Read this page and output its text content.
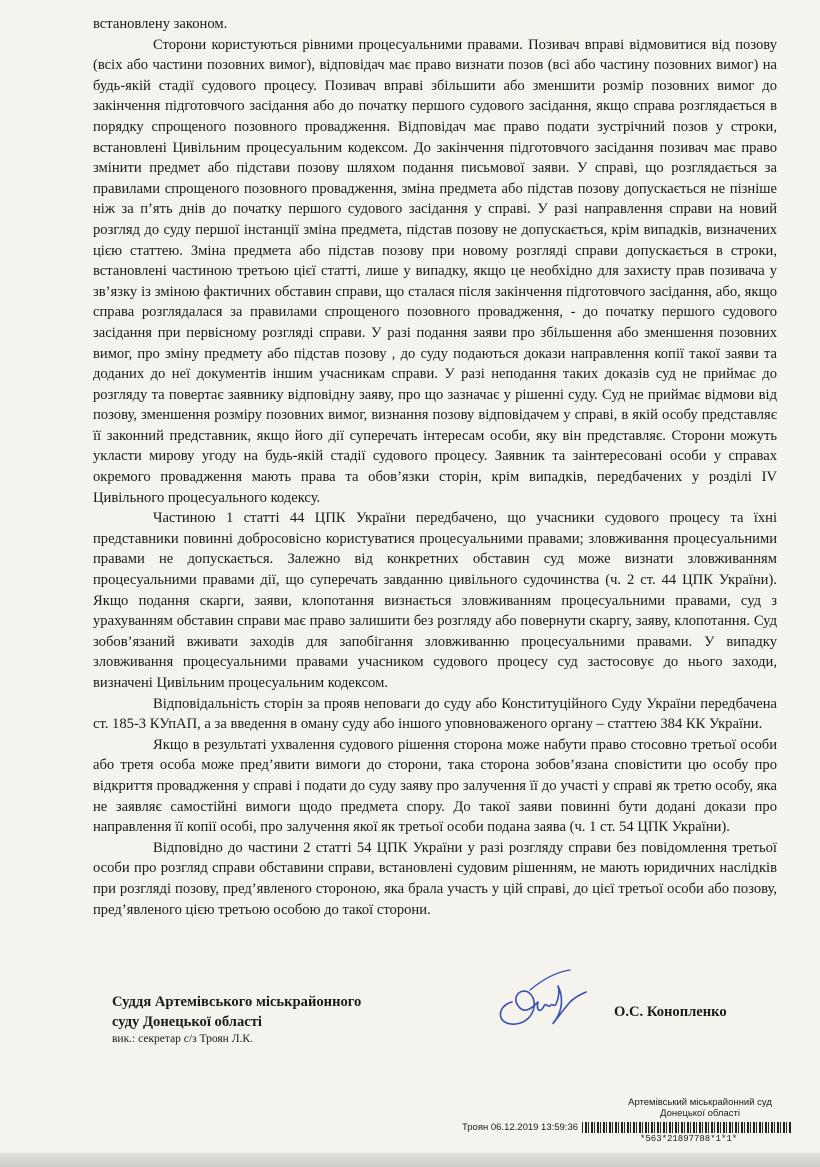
встановлену законом.

Сторони користуються рівними процесуальними правами. Позивач вправі відмовитися від позову (всіх або частини позовних вимог), відповідач має право визнати позов (всі або частину позовних вимог) на будь-якій стадії судового процесу. Позивач вправі збільшити або зменшити розмір позовних вимог до закінчення підготовчого засідання або до початку першого судового засідання, якщо справа розглядається в порядку спрощеного позовного провадження. Відповідач має право подати зустрічний позов у строки, встановлені Цивільним процесуальним кодексом. До закінчення підготовчого засідання позивач має право змінити предмет або підстави позову шляхом подання письмової заяви. У справі, що розглядається за правилами спрощеного позовного провадження, зміна предмета або підстав позову допускається не пізніше ніж за п’ять днів до початку першого судового засідання у справі. У разі направлення справи на новий розгляд до суду першої інстанції зміна предмета, підстав позову не допускається, крім випадків, визначених цією статтею. Зміна предмета або підстав позову при новому розгляді справи допускається в строки, встановлені частиною третьою цієї статті, лише у випадку, якщо це необхідно для захисту прав позивача у зв’язку із зміною фактичних обставин справи, що сталася після закінчення підготовчого засідання, або, якщо справа розглядалася за правилами спрощеного позовного провадження, - до початку першого судового засідання при первісному розгляді справи. У разі подання заяви про збільшення або зменшення позовних вимог, про зміну предмету або підстав позову , до суду подаються докази направлення копії такої заяви та доданих до неї документів іншим учасникам справи. У разі неподання таких доказів суд не приймає до розгляду та повертає заявнику відповідну заяву, про що зазначає у рішенні суду. Суд не приймає відмови від позову, зменшення розміру позовних вимог, визнання позову відповідачем у справі, в якій особу представляє її законний представник, якщо його дії суперечать інтересам особи, яку він представляє. Сторони можуть укласти мирову угоду на будь-якій стадії судового процесу. Заявник та заінтересовані особи у справах окремого провадження мають права та обов’язки сторін, крім випадків, передбачених у розділі IV Цивільного процесуального кодексу.

Частиною 1 статті 44 ЦПК України передбачено, що учасники судового процесу та їхні представники повинні добросовісно користуватися процесуальними правами; зловживання процесуальними правами не допускається. Залежно від конкретних обставин суд може визнати зловживанням процесуальними правами дії, що суперечать завданню цивільного судочинства (ч. 2 ст. 44 ЦПК України). Якщо подання скарги, заяви, клопотання визнається зловживанням процесуальними правами, суд з урахуванням обставин справи має право залишити без розгляду або повернути скаргу, заяву, клопотання. Суд зобов’язаний вживати заходів для запобігання зловживанню процесуальними правами. У випадку зловживання процесуальними правами учасником судового процесу суд застосовує до нього заходи, визначені Цивільним процесуальним кодексом.

Відповідальність сторін за прояв неповаги до суду або Конституційного Суду України передбачена ст. 185-3 КУпАП, а за введення в оману суду або іншого уповноваженого органу – статтею 384 КК України.

Якщо в результаті ухвалення судового рішення сторона може набути право стосовно третьої особи або третя особа може пред’явити вимоги до сторони, така сторона зобов’язана сповістити цю особу про відкриття провадження у справі і подати до суду заяву про залучення її до участі у справі як третю особу, яка не заявляє самостійні вимоги щодо предмета спору. До такої заяви повинні бути додані докази про направлення її копії особі, про залучення якої як третьої особи подана заява (ч. 1 ст. 54 ЦПК України).

Відповідно до частини 2 статті 54 ЦПК України у разі розгляду справи без повідомлення третьої особи про розгляд справи обставини справи, встановлені судовим рішенням, не мають юридичних наслідків при розгляді позову, пред’явленого стороною, яка брала участь у цій справі, до цієї третьої особи або позову, пред’явленого цією третьою особою до такої сторони.

Суддя Артемівського міськрайонного
суду Донецької області
вик.: секретар с/з Троян Л.К.
О.С. Конопленко
Артемівський міськрайонний суд
Донецької області
Троян 06.12.2019 13:59:36
*563*21897788*1*1*
